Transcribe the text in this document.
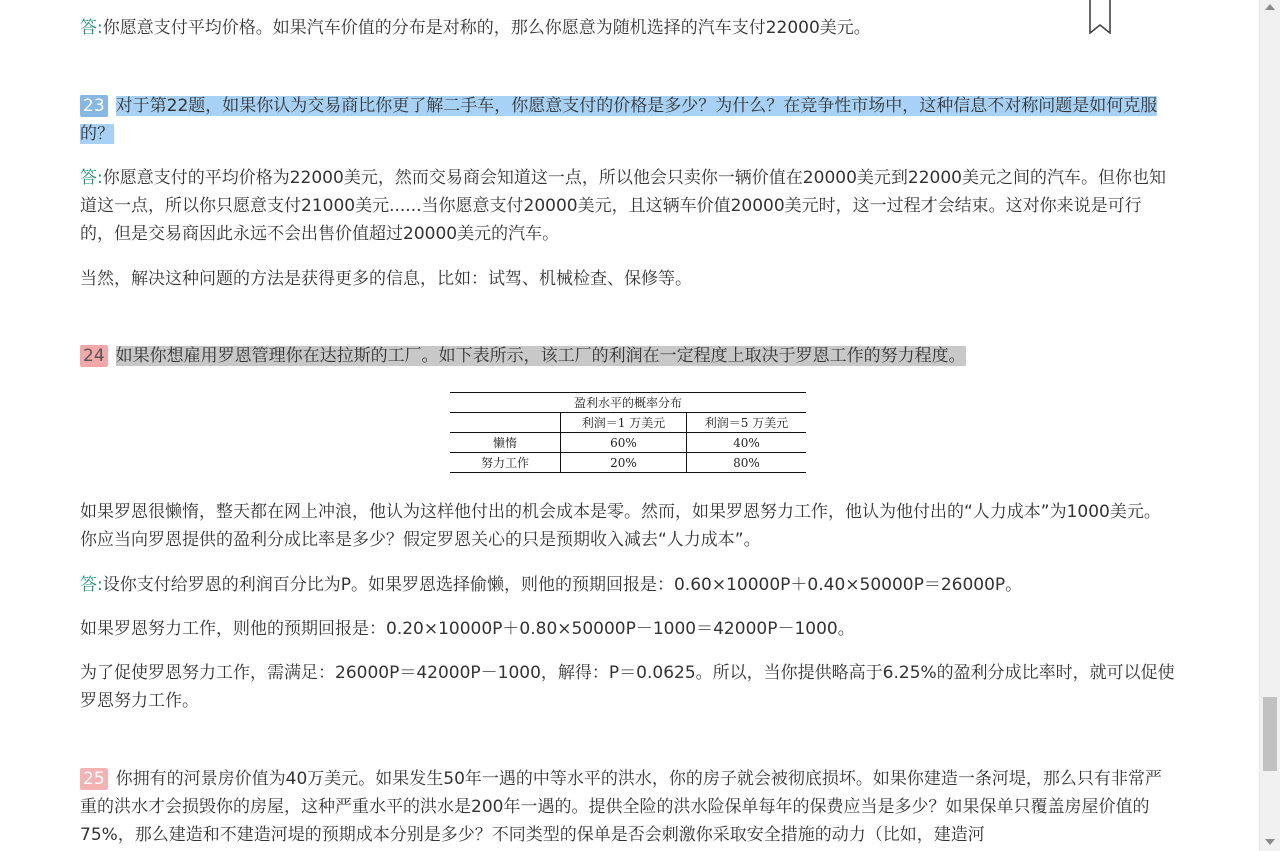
答:你愿意支付平均价格。如果汽车价值的分布是对称的，那么你愿意为随机选择的汽车支付22000美元。

23 对于第22题，如果你认为交易商比你更了解二手车，你愿意支付的价格是多少？为什么？在竞争性市场中，这种信息不对称问题是如何克服的？

答:你愿意支付的平均价格为22000美元，然而交易商会知道这一点，所以他会只卖你一辆价值在20000美元到22000美元之间的汽车。但你也知道这一点，所以你只愿意支付21000美元......当你愿意支付20000美元，且这辆车价值20000美元时，这一过程才会结束。这对你来说是可行的，但是交易商因此永远不会出售价值超过20000美元的汽车。

当然，解决这种问题的方法是获得更多的信息，比如：试驾、机械检查、保修等。

24 如果你想雇用罗恩管理你在达拉斯的工厂。如下表所示，该工厂的利润在一定程度上取决于罗恩工作的努力程度。

如果罗恩很懒惰，整天都在网上冲浪，他认为这样他付出的机会成本是零。然而，如果罗恩努力工作，他认为他付出的“人力成本”为1000美元。你应当向罗恩提供的盈利分成比率是多少？假定罗恩关心的只是预期收入减去“人力成本”。

答:设你支付给罗恩的利润百分比为P。如果罗恩选择偷懒，则他的预期回报是：0.60×10000P＋0.40×50000P＝26000P。

如果罗恩努力工作，则他的预期回报是：0.20×10000P＋0.80×50000P－1000＝42000P－1000。

为了促使罗恩努力工作，需满足：26000P＝42000P－1000，解得：P＝0.0625。所以，当你提供略高于6.25%的盈利分成比率时，就可以促使罗恩努力工作。

25 你拥有的河景房价值为40万美元。如果发生50年一遇的中等水平的洪水，你的房子就会被彻底损坏。如果你建造一条河堤，那么只有非常严重的洪水才会损毁你的房屋，这种严重水平的洪水是200年一遇的。提供全险的洪水险保单每年的保费应当是多少？如果保单只覆盖房屋价值的75%，那么建造和不建造河堤的预期成本分别是多少？不同类型的保单是否会刺激你采取安全措施的动力（比如，建造河

盈利水平的概率分布		
	利润＝1 万美元	利润＝5 万美元
懒惰	60%	40%
努力工作	20%	80%
